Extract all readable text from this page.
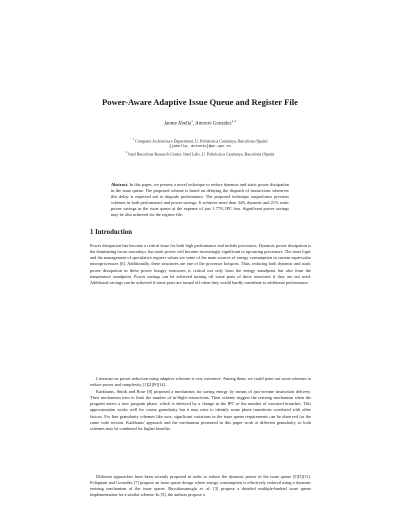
Power-Aware Adaptive Issue Queue and Register File
Jaume Abella$^1$, Antonio González$^{1,2}$
$^1$ Computer Architecture Department, U. Politècnica Catalunya, Barcelona (Spain)
{jabella, antonio}@ac.upc.es
$^2$ Intel Barcelona Research Center, Intel Labs, U. Politècnica Catalunya, Barcelona (Spain)

Abstract. In this paper, we present a novel technique to reduce dynamic and static power dissipation in the issue queue. The proposed scheme is based on delaying the dispatch of instructions whenever this delay is expected not to degrade performance. The proposed technique outperforms previous schemes in both performance and power savings. It achieves more than 34% dynamic and 21% static power savings in the issue queue at the expense of just 1.77% IPC loss. Significant power savings may be also achieved for the register file.

1 Introduction

Power dissipation has become a critical issue for both high performance and mobile processors. Dynamic power dissipation is the dominating factor nowadays, but static power will become increasingly significant in upcoming processors. The issue logic and the management of speculative register values are some of the main sources of energy consumption in current superscalar microprocessors [6]. Additionally, these structures are one of the processor hotspots. Thus, reducing both dynamic and static power dissipation in these power hungry structures is critical not only from the energy standpoint but also from the temperature standpoint. Power savings can be achieved turning off some parts of these structures if they are not used. Additional savings can be achieved if some ports are turned off when they would hardly contribute to additional performance.

Literature on power reduction using adaptive schemes is very extensive. Among them, we could point out some schemes to reduce power and complexity [1][2][9][14].

Karkhanis, Smith and Bose [8] proposed a mechanism for saving energy by means of just-in-time instruction delivery. Their mechanism tries to limit the number of in-flight instructions. Their scheme triggers the resizing mechanism when the program enters a new program phase, which is detected by a change in the IPC or the number of executed branches. This approximation works well for coarse granularity but it may miss to identify some phase transitions correlated with other factors. For fine granularity schemes like ours, significant variations in the issue queue requirements can be observed for the same code section. Karkhanis' approach and the mechanism presented in this paper work at different granularity so both schemes may be combined for higher benefits.

Different approaches have been recently proposed in order to reduce the dynamic power of the issue queue [5][5][11]. Folegnani and González [7] propose an issue queue design where energy consumption is effectively reduced using a dynamic resizing mechanism of the issue queue. Buyuktosunoglu et. al. [3] propose a detailed multiple-banked issue queue implementation for a similar scheme. In [5], the authors propose a
